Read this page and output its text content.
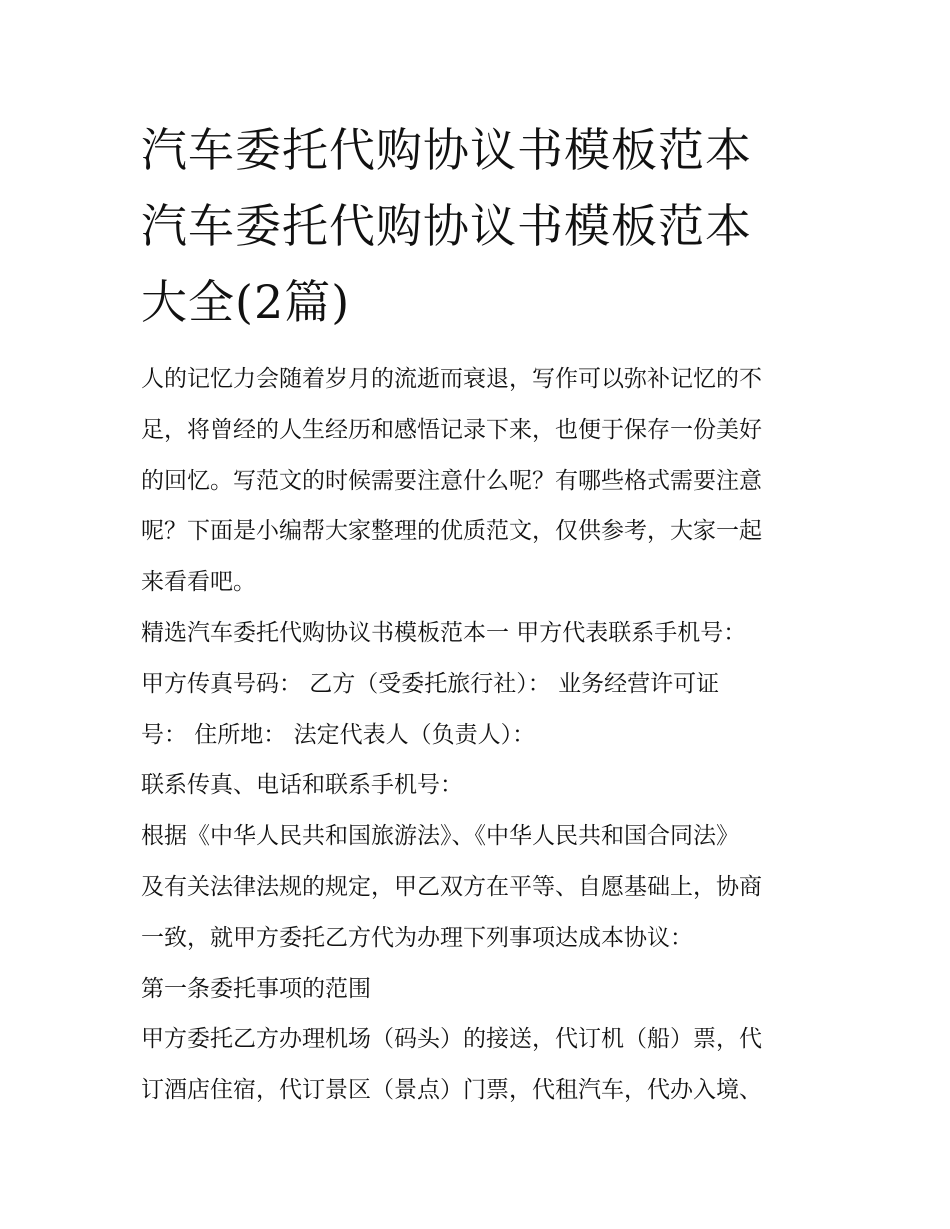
汽车委托代购协议书模板范本
汽车委托代购协议书模板范本
大全(2篇)

人的记忆力会随着岁月的流逝而衰退，写作可以弥补记忆的不

足，将曾经的人生经历和感悟记录下来，也便于保存一份美好

的回忆。写范文的时候需要注意什么呢？有哪些格式需要注意

呢？下面是小编帮大家整理的优质范文，仅供参考，大家一起

来看看吧。

精选汽车委托代购协议书模板范本一 甲方代表联系手机号：

甲方传真号码： 乙方（受委托旅行社）： 业务经营许可证

号： 住所地： 法定代表人（负责人）：

联系传真、电话和联系手机号：

根据《中华人民共和国旅游法》、《中华人民共和国合同法》

及有关法律法规的规定，甲乙双方在平等、自愿基础上，协商

一致，就甲方委托乙方代为办理下列事项达成本协议：

第一条委托事项的范围

甲方委托乙方办理机场（码头）的接送，代订机（船）票，代

订酒店住宿，代订景区（景点）门票，代租汽车，代办入境、
